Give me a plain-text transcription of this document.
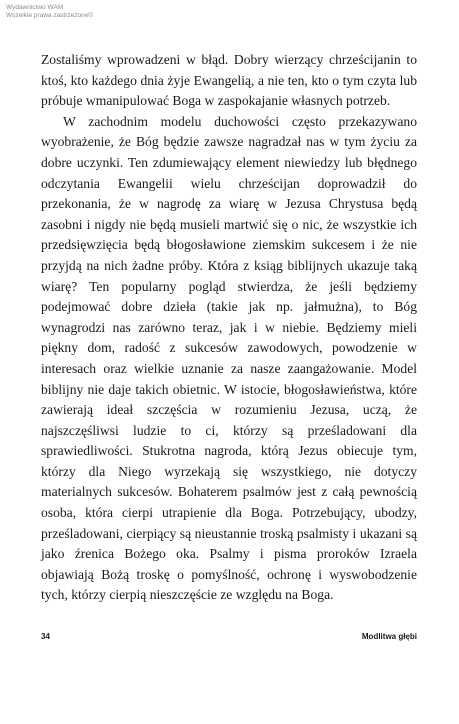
Wydawnictwo WAM
Wszelkie prawa zastrzeżone©

Zostaliśmy wprowadzeni w błąd. Dobry wierzący chrześcijanin to ktoś, kto każdego dnia żyje Ewangelią, a nie ten, kto o tym czyta lub próbuje wmanipulować Boga w zaspokajanie własnych potrzeb.

W zachodnim modelu duchowości często przekazywano wyobrażenie, że Bóg będzie zawsze nagradzał nas w tym życiu za dobre uczynki. Ten zdumiewający element niewiedzy lub błędnego odczytania Ewangelii wielu chrześcijan doprowadził do przekonania, że w nagrodę za wiarę w Jezusa Chrystusa będą zasobni i nigdy nie będą musieli martwić się o nic, że wszystkie ich przedsięwzięcia będą błogosławione ziemskim sukcesem i że nie przyjdą na nich żadne próby. Która z ksiąg biblijnych ukazuje taką wiarę? Ten popularny pogląd stwierdza, że jeśli będziemy podejmować dobre dzieła (takie jak np. jałmużna), to Bóg wynagrodzi nas zarówno teraz, jak i w niebie. Będziemy mieli piękny dom, radość z sukcesów zawodowych, powodzenie w interesach oraz wielkie uznanie za nasze zaangażowanie. Model biblijny nie daje takich obietnic. W istocie, błogosławieństwa, które zawierają ideał szczęścia w rozumieniu Jezusa, uczą, że najszczęśliwsi ludzie to ci, którzy są prześladowani dla sprawiedliwości. Stukrotna nagroda, którą Jezus obiecuje tym, którzy dla Niego wyrzekają się wszystkiego, nie dotyczy materialnych sukcesów. Bohaterem psalmów jest z całą pewnością osoba, która cierpi utrapienie dla Boga. Potrzebujący, ubodzy, prześladowani, cierpiący są nieustannie troską psalmisty i ukazani są jako źrenica Bożego oka. Psalmy i pisma proroków Izraela objawiają Bożą troskę o pomyślność, ochronę i wyswobodzenie tych, którzy cierpią nieszczęście ze względu na Boga.

34	Modlitwa głębi
